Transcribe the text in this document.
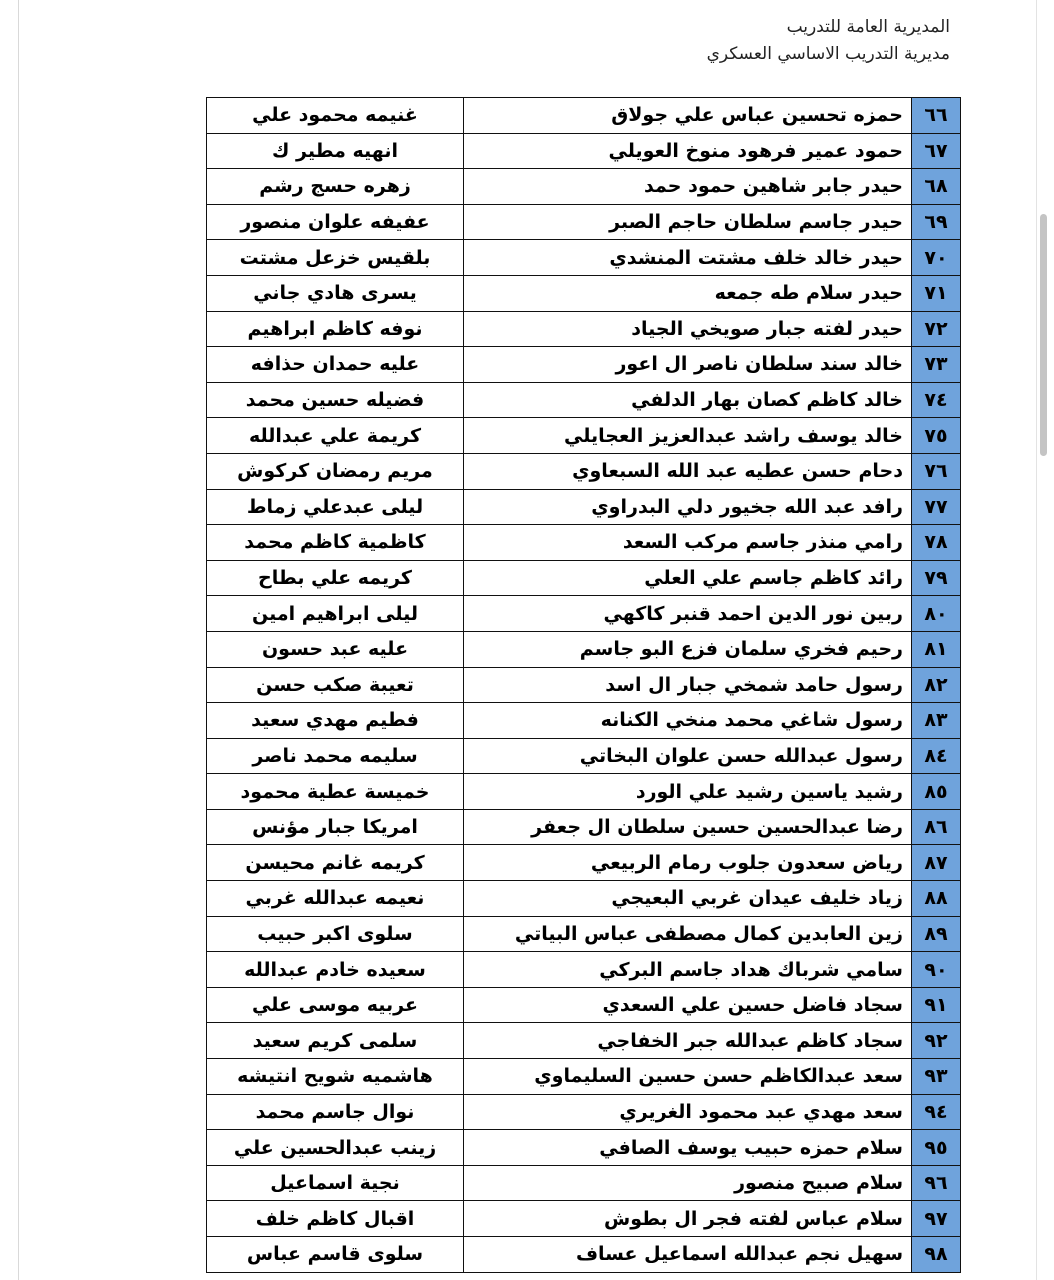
المديرية العامة للتدريب
مديرية التدريب الاساسي العسكري
٦٦	حمزه تحسين عباس علي جولاق	غنيمه محمود علي
٦٧	حمود عمير فرهود منوخ العويلي	انهيه مطير ك
٦٨	حيدر جابر شاهين حمود حمد	زهره حسج رشم
٦٩	حيدر جاسم سلطان حاجم الصبر	عفيفه علوان منصور
٧٠	حيدر خالد خلف مشتت المنشدي	بلقيس خزعل مشتت
٧١	حيدر سلام طه جمعه	يسرى هادي جاني
٧٢	حيدر لفته جبار صويخي الجياد	نوفه كاظم ابراهيم
٧٣	خالد سند سلطان ناصر ال اعور	عليه حمدان حذافه
٧٤	خالد كاظم كصان بهار الدلفي	فضيله حسين محمد
٧٥	خالد يوسف راشد عبدالعزيز العجايلي	كريمة علي عبدالله
٧٦	دحام حسن عطيه عبد الله السبعاوي	مريم رمضان كركوش
٧٧	رافد عبد الله جخيور دلي البدراوي	ليلى عبدعلي زماط
٧٨	رامي منذر جاسم مركب السعد	كاظمية كاظم محمد
٧٩	رائد كاظم جاسم علي العلي	كريمه علي بطاح
٨٠	ربين نور الدين احمد قنبر كاكهي	ليلى ابراهيم امين
٨١	رحيم فخري سلمان فزع البو جاسم	عليه عبد حسون
٨٢	رسول حامد شمخي جبار ال اسد	تعيبة صكب حسن
٨٣	رسول شاغي محمد منخي الكنانه	فطيم مهدي سعيد
٨٤	رسول عبدالله حسن علوان البخاتي	سليمه محمد ناصر
٨٥	رشيد ياسين رشيد علي الورد	خميسة عطية محمود
٨٦	رضا عبدالحسين حسين سلطان ال جعفر	امريكا جبار مؤنس
٨٧	رياض سعدون جلوب رمام الربيعي	كريمه غانم محيسن
٨٨	زياد خليف عيدان غربي البعيجي	نعيمه عبدالله غربي
٨٩	زين العابدين كمال مصطفى عباس البياتي	سلوى اكبر حبيب
٩٠	سامي شرباك هداد جاسم البركي	سعيده خادم عبدالله
٩١	سجاد فاضل حسين علي السعدي	عربيه موسى علي
٩٢	سجاد كاظم عبدالله جبر الخفاجي	سلمى كريم سعيد
٩٣	سعد عبدالكاظم حسن حسين السليماوي	هاشميه شويح انتيشه
٩٤	سعد مهدي عبد محمود الغريري	نوال جاسم محمد
٩٥	سلام حمزه حبيب يوسف الصافي	زينب عبدالحسين علي
٩٦	سلام صبيح منصور	نجية اسماعيل
٩٧	سلام عباس لفته فجر ال بطوش	اقبال كاظم خلف
٩٨	سهيل نجم عبدالله اسماعيل عساف	سلوى قاسم عباس
